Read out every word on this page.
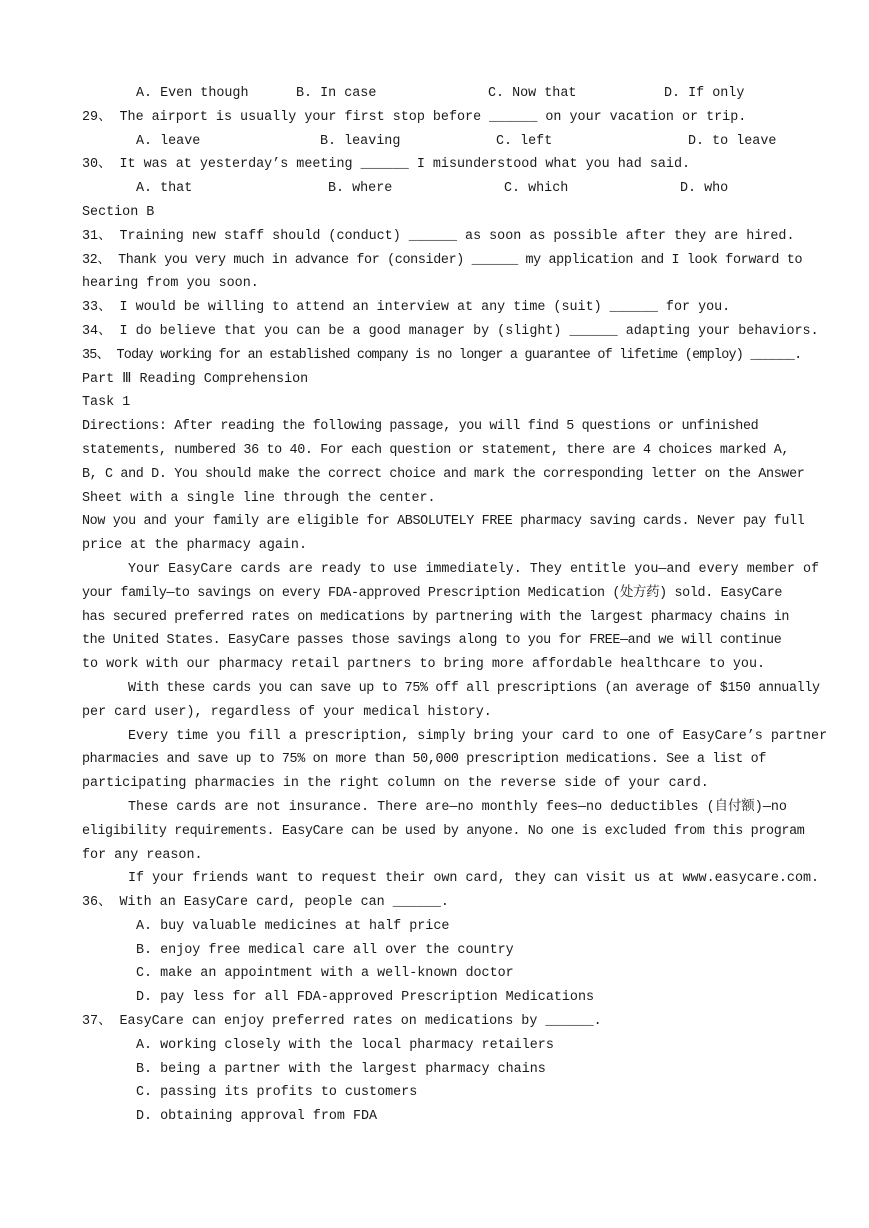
A. Even though

	B. In case

	C. Now that

	D. If only

29、 The airport is usually your first stop before ______ on your vacation or trip.

A. leave

	B. leaving

	C. left

	D. to leave

30、 It was at yesterday’s meeting ______ I misunderstood what you had said.

A. that

	B. where

	C. which

	D. who

Section B
31、 Training new staff should (conduct) ______ as soon as possible after they are hired.
32、 Thank you very much in advance for (consider) ______ my application and I look forward to
hearing from you soon.
33、 I would be willing to attend an interview at any time (suit) ______ for you.
34、 I do believe that you can be a good manager by (slight) ______ adapting your behaviors.
35、 Today working for an established company is no longer a guarantee of lifetime (employ) ______.
Part Ⅲ Reading Comprehension
Task 1
Directions: After reading the following passage, you will find 5 questions or unfinished
statements, numbered 36 to 40. For each question or statement, there are 4 choices marked A,
B, C and D. You should make the correct choice and mark the corresponding letter on the Answer
Sheet with a single line through the center.
Now you and your family are eligible for ABSOLUTELY FREE pharmacy saving cards. Never pay full
price at the pharmacy again.
Your EasyCare cards are ready to use immediately. They entitle you—and every member of
your family—to savings on every FDA-approved Prescription Medication (处方药) sold. EasyCare
has secured preferred rates on medications by partnering with the largest pharmacy chains in
the United States. EasyCare passes those savings along to you for FREE—and we will continue
to work with our pharmacy retail partners to bring more affordable healthcare to you.
With these cards you can save up to 75% off all prescriptions (an average of $150 annually
per card user), regardless of your medical history.
Every time you fill a prescription, simply bring your card to one of EasyCare’s partner
pharmacies and save up to 75% on more than 50,000 prescription medications. See a list of
participating pharmacies in the right column on the reverse side of your card.
These cards are not insurance. There are—no monthly fees—no deductibles (自付额)—no
eligibility requirements. EasyCare can be used by anyone. No one is excluded from this program
for any reason.
If your friends want to request their own card, they can visit us at www.easycare.com.
36、 With an EasyCare card, people can ______.
A. buy valuable medicines at half price
B. enjoy free medical care all over the country
C. make an appointment with a well-known doctor
D. pay less for all FDA-approved Prescription Medications
37、 EasyCare can enjoy preferred rates on medications by ______.
A. working closely with the local pharmacy retailers
B. being a partner with the largest pharmacy chains
C. passing its profits to customers
D. obtaining approval from FDA
